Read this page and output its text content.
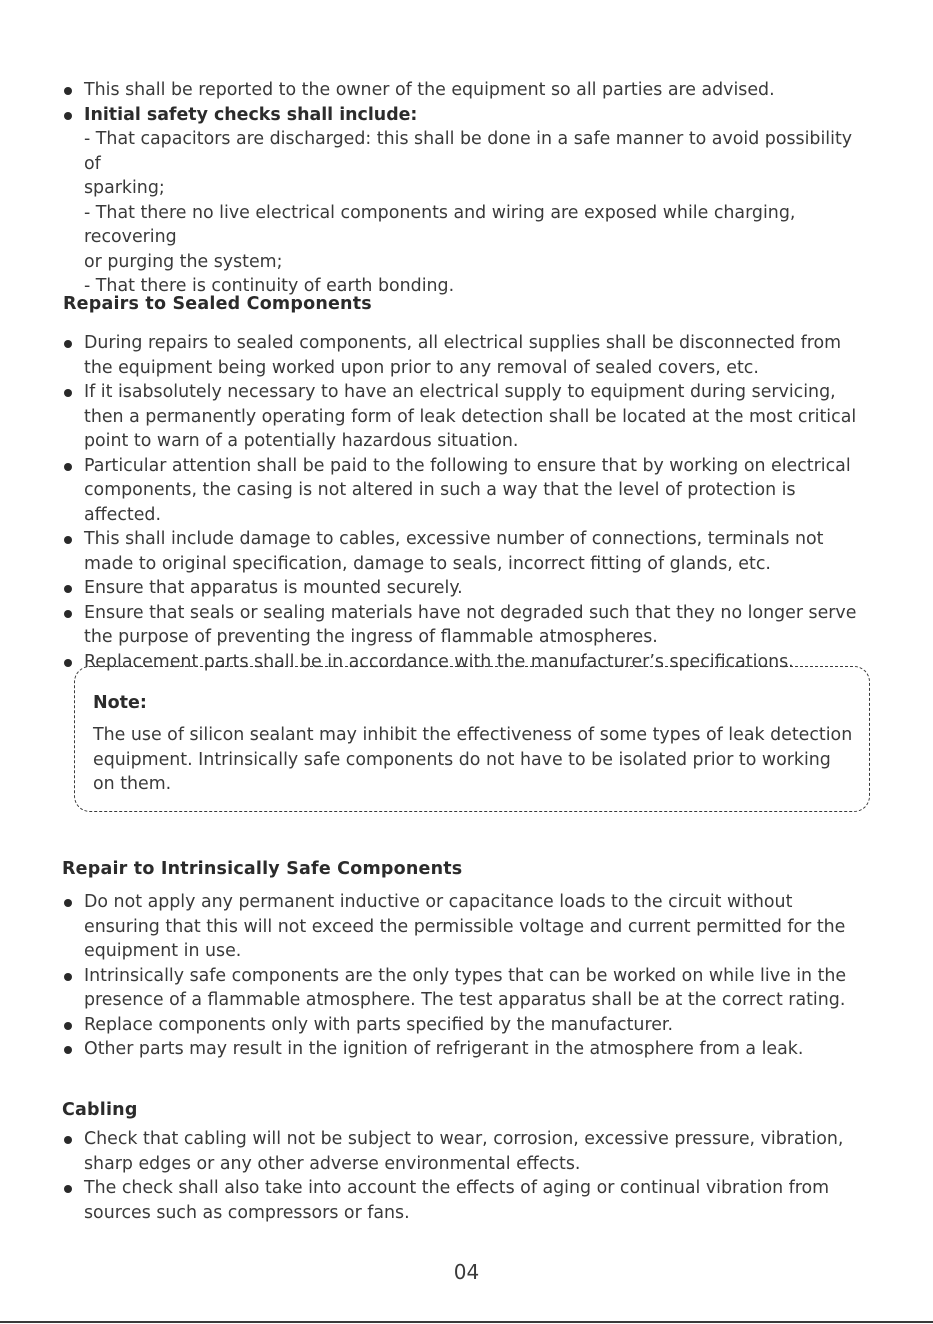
This shall be reported to the owner of the equipment so all parties are advised.
Initial safety checks shall include:
- That capacitors are discharged: this shall be done in a safe manner to avoid possibility of
sparking;
- That there no live electrical components and wiring are exposed while charging, recovering
or purging the system;
- That there is continuity of earth bonding.
Repairs to Sealed Components
During repairs to sealed components, all electrical supplies shall be disconnected from the equipment being worked upon prior to any removal of sealed covers, etc.
If it isabsolutely necessary to have an electrical supply to equipment during servicing, then a permanently operating form of leak detection shall be located at the most critical point to warn of a potentially hazardous situation.
Particular attention shall be paid to the following to ensure that by working on electrical components, the casing is not altered in such a way that the level of protection is affected.
This shall include damage to cables, excessive number of connections, terminals not made to original specification, damage to seals, incorrect fitting of glands, etc.
Ensure that apparatus is mounted securely.
Ensure that seals or sealing materials have not degraded such that they no longer serve the purpose of preventing the ingress of flammable atmospheres.
Replacement parts shall be in accordance with the manufacturer’s specifications.
Note:
The use of silicon sealant may inhibit the effectiveness of some types of leak detection equipment. Intrinsically safe components do not have to be isolated prior to working on them.
Repair to Intrinsically Safe Components
Do not apply any permanent inductive or capacitance loads to the circuit without ensuring that this will not exceed the permissible voltage and current permitted for the equipment in use.
Intrinsically safe components are the only types that can be worked on while live in the presence of a flammable atmosphere. The test apparatus shall be at the correct rating.
Replace components only with parts specified by the manufacturer.
Other parts may result in the ignition of refrigerant in the atmosphere from a leak.
Cabling
Check that cabling will not be subject to wear, corrosion, excessive pressure, vibration, sharp edges or any other adverse environmental effects.
The check shall also take into account the effects of aging or continual vibration from sources such as compressors or fans.
04
